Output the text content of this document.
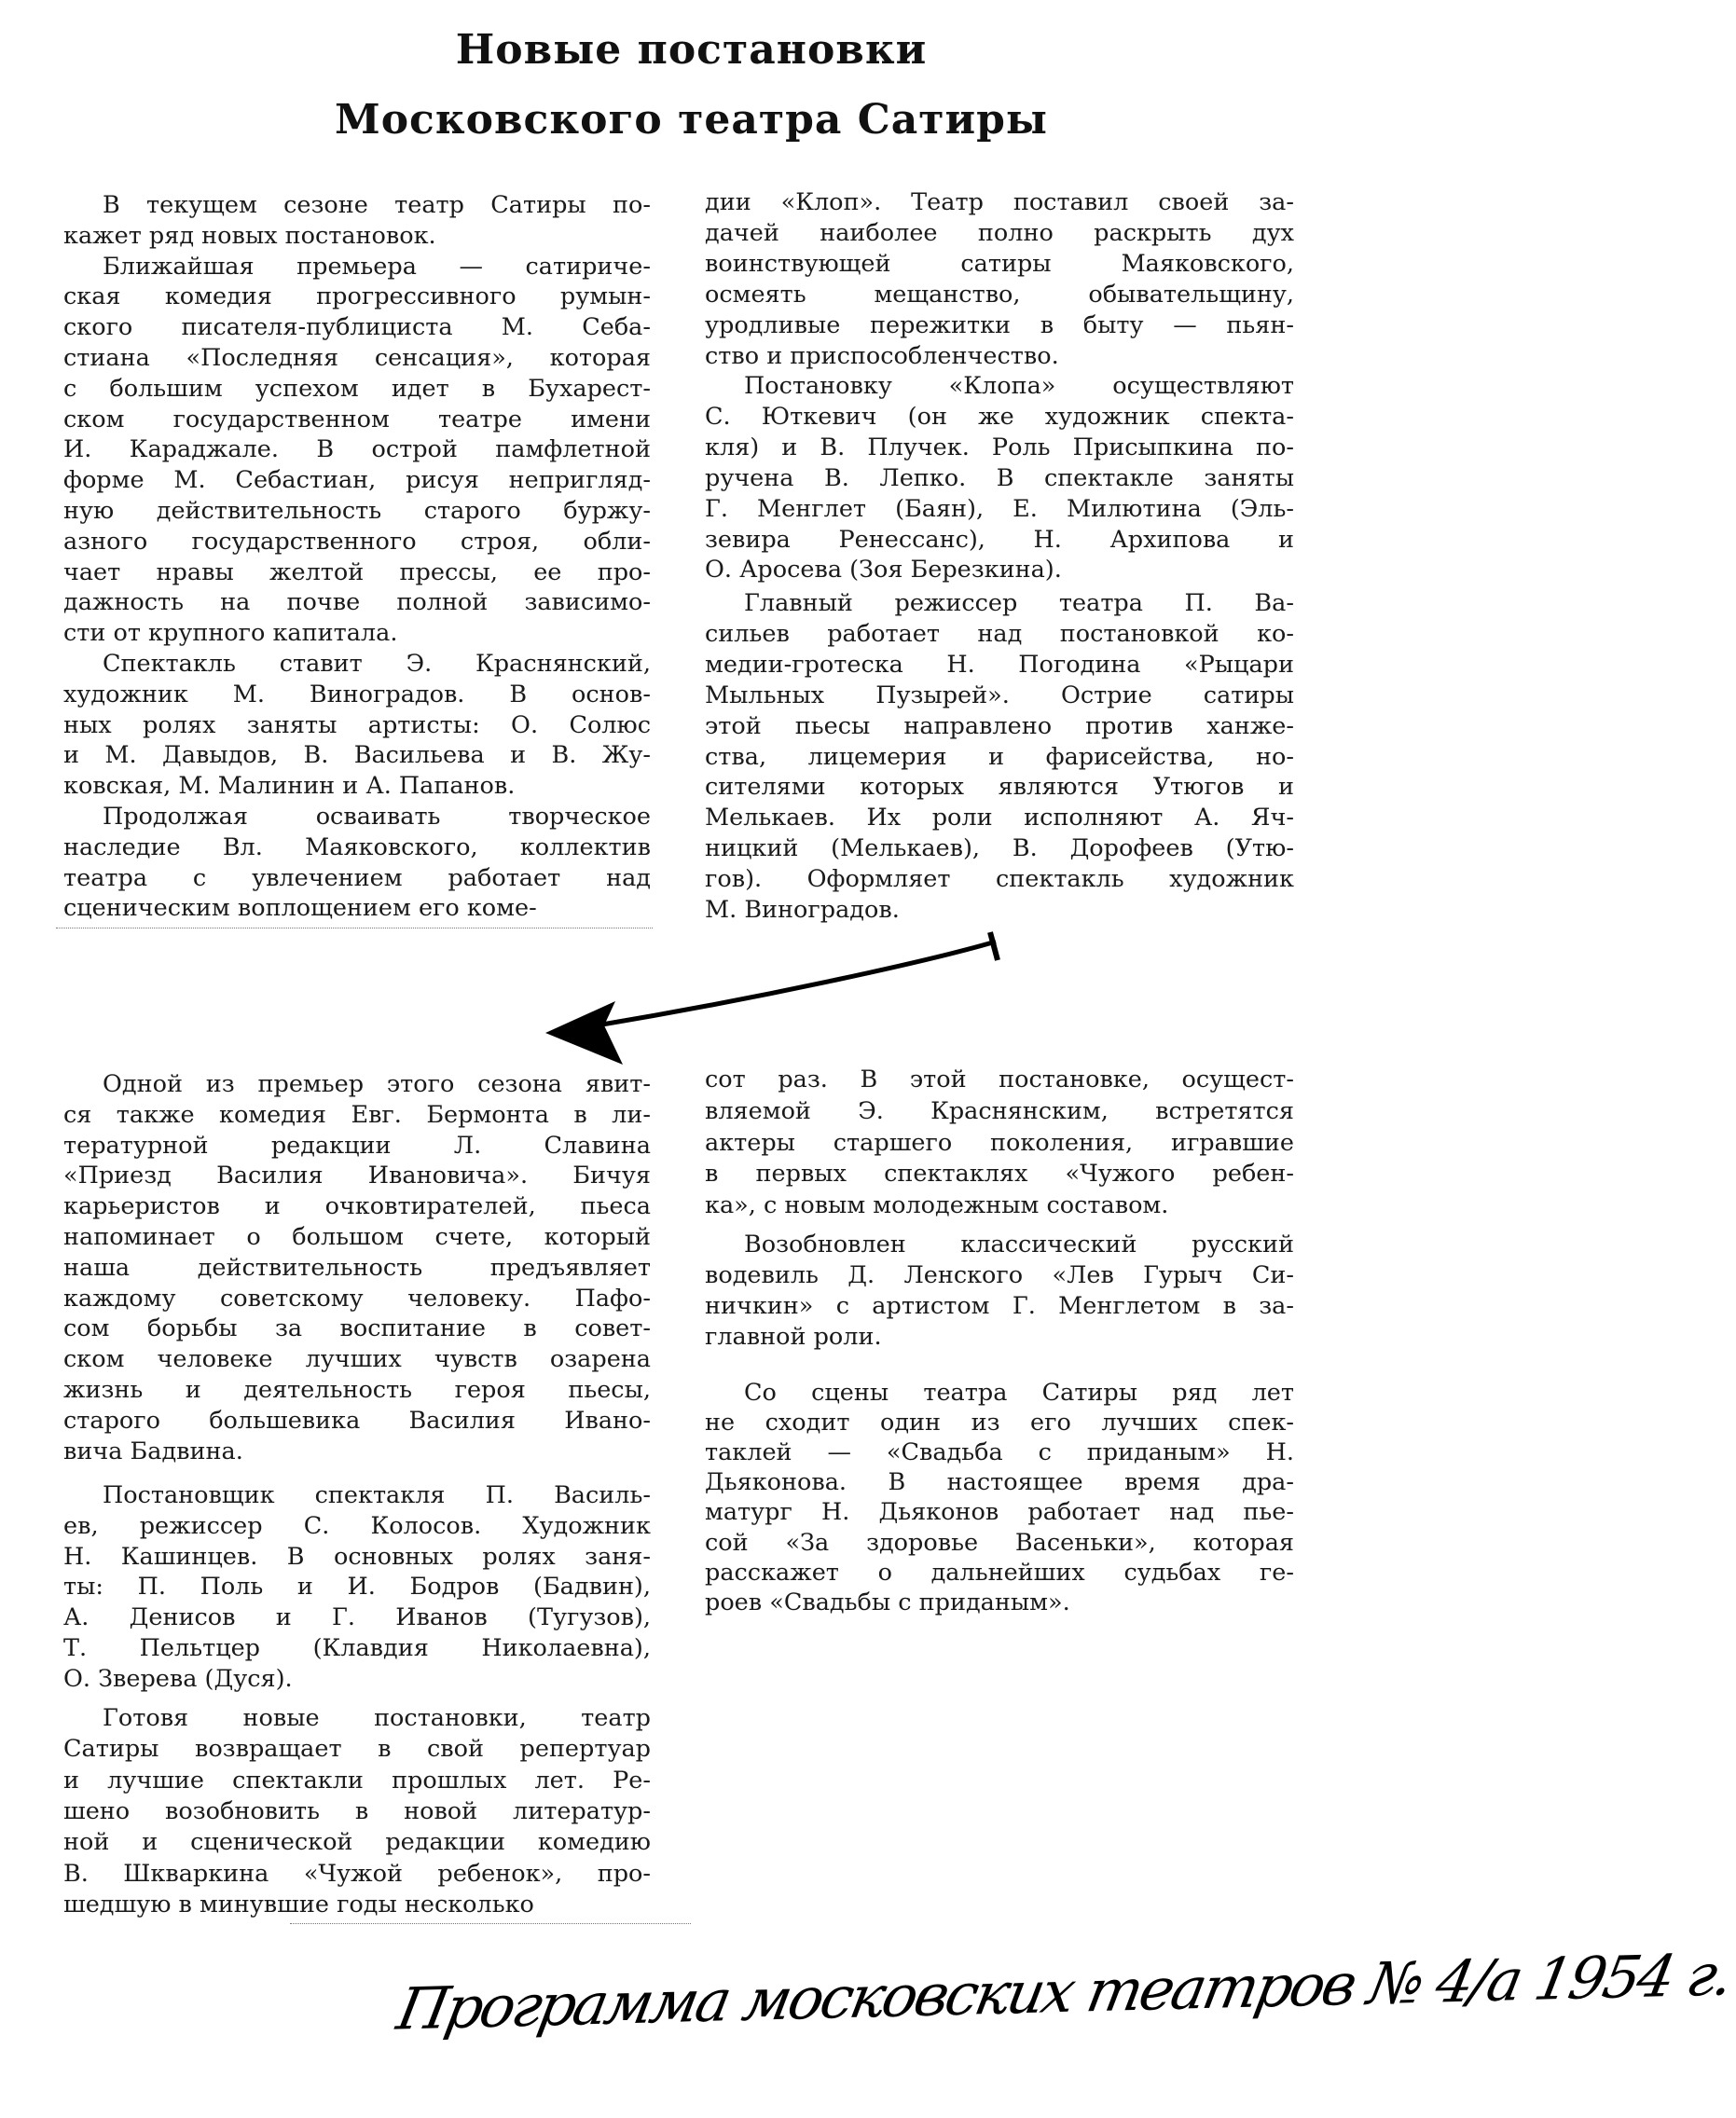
Новые постановки
Московского театра Сатиры
В текущем сезоне театр Сатиры по-
кажет ряд новых постановок.
Ближайшая премьера — сатириче-
ская комедия прогрессивного румын-
ского писателя-публициста М. Себа-
стиана «Последняя сенсация», которая
с большим успехом идет в Бухарест-
ском государственном театре имени
И. Караджале. В острой памфлетной
форме М. Себастиан, рисуя непригляд-
ную действительность старого буржу-
азного государственного строя, обли-
чает нравы желтой прессы, ее про-
дажность на почве полной зависимо-
сти от крупного капитала.
Спектакль ставит Э. Краснянский,
художник М. Виноградов. В основ-
ных ролях заняты артисты: О. Солюс
и М. Давыдов, В. Васильева и В. Жу-
ковская, М. Малинин и А. Папанов.
Продолжая осваивать творческое
наследие Вл. Маяковского, коллектив
театра с увлечением работает над
сценическим воплощением его коме-
дии «Клоп». Театр поставил своей за-
дачей наиболее полно раскрыть дух
воинствующей сатиры Маяковского,
осмеять мещанство, обывательщину,
уродливые пережитки в быту — пьян-
ство и приспособленчество.
Постановку «Клопа» осуществляют
С. Юткевич (он же художник спекта-
кля) и В. Плучек. Роль Присыпкина по-
ручена В. Лепко. В спектакле заняты
Г. Менглет (Баян), Е. Милютина (Эль-
зевира Ренессанс), Н. Архипова и
О. Аросева (Зоя Березкина).
Главный режиссер театра П. Ва-
сильев работает над постановкой ко-
медии-гротеска Н. Погодина «Рыцари
Мыльных Пузырей». Острие сатиры
этой пьесы направлено против ханже-
ства, лицемерия и фарисейства, но-
сителями которых являются Утюгов и
Мелькаев. Их роли исполняют А. Яч-
ницкий (Мелькаев), В. Дорофеев (Утю-
гов). Оформляет спектакль художник
М. Виноградов.
Одной из премьер этого сезона явит-
ся также комедия Евг. Бермонта в ли-
тературной редакции Л. Славина
«Приезд Василия Ивановича». Бичуя
карьеристов и очковтирателей, пьеса
напоминает о большом счете, который
наша действительность предъявляет
каждому советскому человеку. Пафо-
сом борьбы за воспитание в совет-
ском человеке лучших чувств озарена
жизнь и деятельность героя пьесы,
старого большевика Василия Ивано-
вича Бадвина.
Постановщик спектакля П. Василь-
ев, режиссер С. Колосов. Художник
Н. Кашинцев. В основных ролях заня-
ты: П. Поль и И. Бодров (Бадвин),
А. Денисов и Г. Иванов (Тугузов),
Т. Пельтцер (Клавдия Николаевна),
О. Зверева (Дуся).
Готовя новые постановки, театр
Сатиры возвращает в свой репертуар
и лучшие спектакли прошлых лет. Ре-
шено возобновить в новой литератур-
ной и сценической редакции комедию
В. Шкваркина «Чужой ребенок», про-
шедшую в минувшие годы несколько
сот раз. В этой постановке, осущест-
вляемой Э. Краснянским, встретятся
актеры старшего поколения, игравшие
в первых спектаклях «Чужого ребен-
ка», с новым молодежным составом.
Возобновлен классический русский
водевиль Д. Ленского «Лев Гурыч Си-
ничкин» с артистом Г. Менглетом в за-
главной роли.
Со сцены театра Сатиры ряд лет
не сходит один из его лучших спек-
таклей — «Свадьба с приданым» Н.
Дьяконова. В настоящее время дра-
матург Н. Дьяконов работает над пье-
сой «За здоровье Васеньки», которая
расскажет о дальнейших судьбах ге-
роев «Свадьбы с приданым».
Программа московских театров № 4/а 1954 г.
